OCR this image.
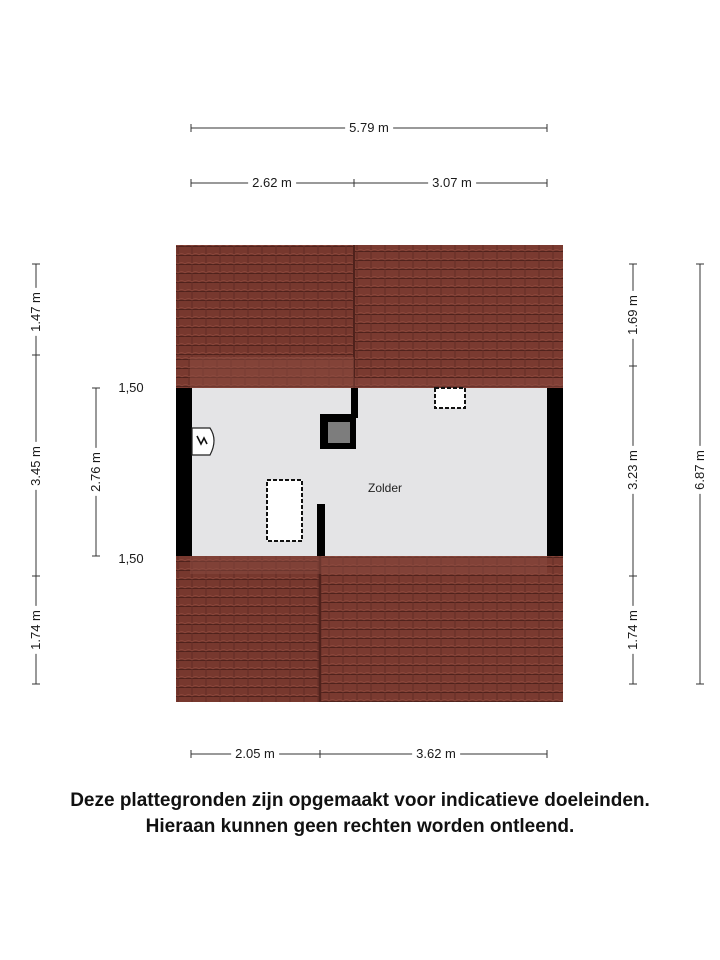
5.79 m
2.62 m	3.07 m
2.05 m	3.62 m
1.47 m
3.45 m
1.74 m
2.76 m
1.69 m
3.23 m
1.74 m
6.87 m
1,50
1,50
Zolder
Deze plattegronden zijn opgemaakt voor indicatieve doeleinden.
Hieraan kunnen geen rechten worden ontleend.
